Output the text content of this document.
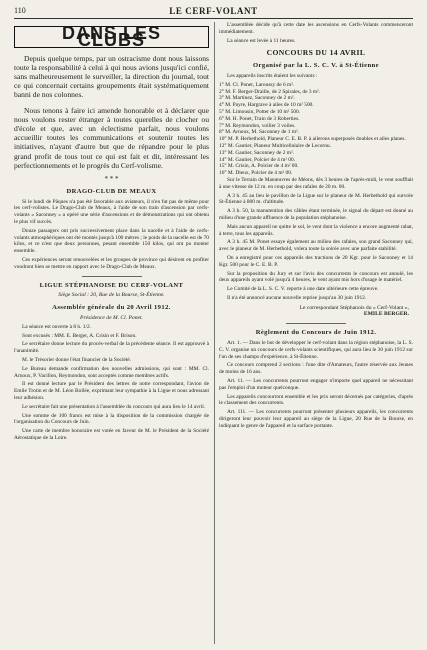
110	LE CERF-VOLANT
DANS LES CLUBS

Depuis quelque temps, par un ostracisme dont nous laissons toute la responsabilité à celui à qui nous avions jusqu'ici confié, sans malheureusement le surveiller, la direction du journal, tout ce qui concernait certains groupements était systématiquement banni de nos colonnes.

Nous tenons à faire ici amende honorable et à déclarer que nous voulons rester étranger à toutes querelles de clocher ou d'école et que, avec un éclectisme parfait, nous voulons accueillir toutes les communications et soutenir toutes les initiatives, n'ayant d'autre but que de répandre pour le plus grand profit de tous tout ce qui est fait et dit, intéressant les perfectionnements et le progrès du Cerf-volisme.

* * *
DRAGO-CLUB DE MEAUX

Si le lundi de Pâques n'a pas été favorable aux aviateurs, il n'en fut pas de même pour les cerf-volistes. Le Drago-Club de Meaux, à l'aide de son train d'ascension par cerfs-volants « Saconney » a opéré une série d'ascensions et de démonstrations qui ont obtenu le plus vif succès.

Douze passagers ont pris successivement place dans la nacelle et à l'aide de cerfs-volants atmosphériques ont été montés jusqu'à 100 mètres ; le poids de la nacelle est de 70 kilos, et ce n'est que deux personnes, pesant ensemble 150 kilos, qui ont pu monter ensemble.

Ces expériences seront renouvelées et les groupes de province qui désirent en profiter voudront bien se mettre en rapport avec le Drago-Club de Meaux.

LIGUE STÉPHANOISE DU CERF-VOLANT
Siège Social : 20, Rue de la Bourse, St-Étienne.
Assemblée générale du 20 Avril 1912.
Présidence de M. Cl. Ponet.

La séance est ouverte à 8 h. 1/2.

Sont excusés : MM. E. Berger, A. Crisin et F. Brison.

Le secrétaire donne lecture du procès-verbal de la précédente séance. Il est approuvé à l'unanimité.

M. le Trésorier donne l'état financier de la Société.

Le Bureau demande confirmation des nouvelles admissions, qui sont : MM. Cl. Arnoux, P. Vacillon, Reymondon, sont acceptés comme membres actifs.

Il est donné lecture par le Président des lettres de notre correspondant, l'avion de Emile Trotin et de M. Léon Bollée, exprimant leur sympathie à la Ligue et nous adressant leur adhésion.

Le secrétaire fait une présentation à l'assemblée du concours qui aura lieu le 14 avril.

Une somme de 100 francs est mise à la disposition de la commission chargée de l'organisation du Concours de Juin.

Une carte de membre honoraire est votée en faveur de M. le Président de la Société Aérostatique de la Loire.

L'assemblée décide qu'à cette date les ascensions en Cerfs-Volants commenceront immédiatement.

La séance est levée à 11 heures.

CONCOURS DU 14 AVRIL
Organisé par la L. S. C. V. à St-Étienne

Les appareils inscrits étaient les suivants :

1° M. Cl. Ponet, Laroussy de 6 m².

2° M. F. Berger-Draille, de 2 Spirales, de 3 m².

3° M. Martinez, Saconney de 2 m².

4° M. Payre, Hargrave à ailes de 10 m² 500.

5° M. Limousin, Potter de 10 m² 500.

6° M. H. Ponet, Train de 3 Roberties.

7° M. Reymondon, voilier 3 voiles.

8° M. Arnoux, M. Saconney de 1 m².

10° M. P. Herbethold, Planeur C. E. B. P. à ailerons superposés doubles et ailes planes.

12° M. Gautier, Planeur Multicellulaire de Lecornu.

13° M. Gautier, Saconney de 2 m².

14° M. Gautier, Polcier de 4 m² 00.

15° M. Crisin, A. Polcier de 4 m² 00.

16° M. Dieux, Polcier de 4 m² 00.

Sur le Terrain de Manœuvres de Méons, dès 3 heures de l'après-midi, le vent soufflait à une vitesse de 12 m. en coup par des rafales de 20 m. 00.

A 3 h. 45 au lieu le pavillon de la Ligue sur le planeur de M. Herbethold qui survole St-Étienne à 800 m. d'altitude.

A 3 h. 50, la manutention des câbles étant terminée, le signal du départ est donné au milieu d'une grande affluence de la population stéphanoise.

Mais aucun appareil ne quitte le sol, le vent dont la violence a encore augmenté rabat, à terre, tous les appareils.

A 3 h. 45 M. Ponet essaye également au milieu des rafales, son grand Saconney qui, avec le planeur de M. Herbethold, volera toute la soirée avec une parfaite stabilité.

On a enregistré pour ces appareils des tractions de 20 Kgr. pour le Saconney et 14 Kgr. 500 pour le C. E. B. P.

Sur la proposition du Jury et sur l'avis des concurrents le concours est annulé, les deux appareils ayant volé jusqu'à 4 heures, le vent ayant mis hors d'usage le matériel.

Le Comité de la L. S. C. V. reporte à une date ultérieure cette épreuve.

Il n'a été annoncé aucune nouvelle reprise jusqu'au 30 juin 1912.

Le correspondant Stéphanois du « Cerf-Volant »,
EMILE BERGER.
Règlement du Concours de Juin 1912.

Art. 1. — Dans le but de développer le cerf-volant dans la région stéphanoise, la L. S. C. V. organise un concours de cerfs-volants scientifiques, qui aura lieu le 30 juin 1912 sur l'un de ses champs d'expérience, à St-Étienne.

Ce concours comprend 2 sections : l'une dite d'Amateurs, l'autre réservée aux Jeunes de moins de 16 ans.

Art. 11. — Les concurrents pourront engager n'importe quel appareil ne nécessitant pas l'emploi d'un moteur quelconque.

Les appareils concourront ensemble et les prix seront décernés par catégories, d'après le classement des concurrents.

Art. 111. — Les concurrents pourront présenter plusieurs appareils, les concurrents dirigeront leur pouvoir leur appareil au siège de la Ligue, 20 Rue de la Bourse, en indiquant le genre de l'appareil et la surface portante.
